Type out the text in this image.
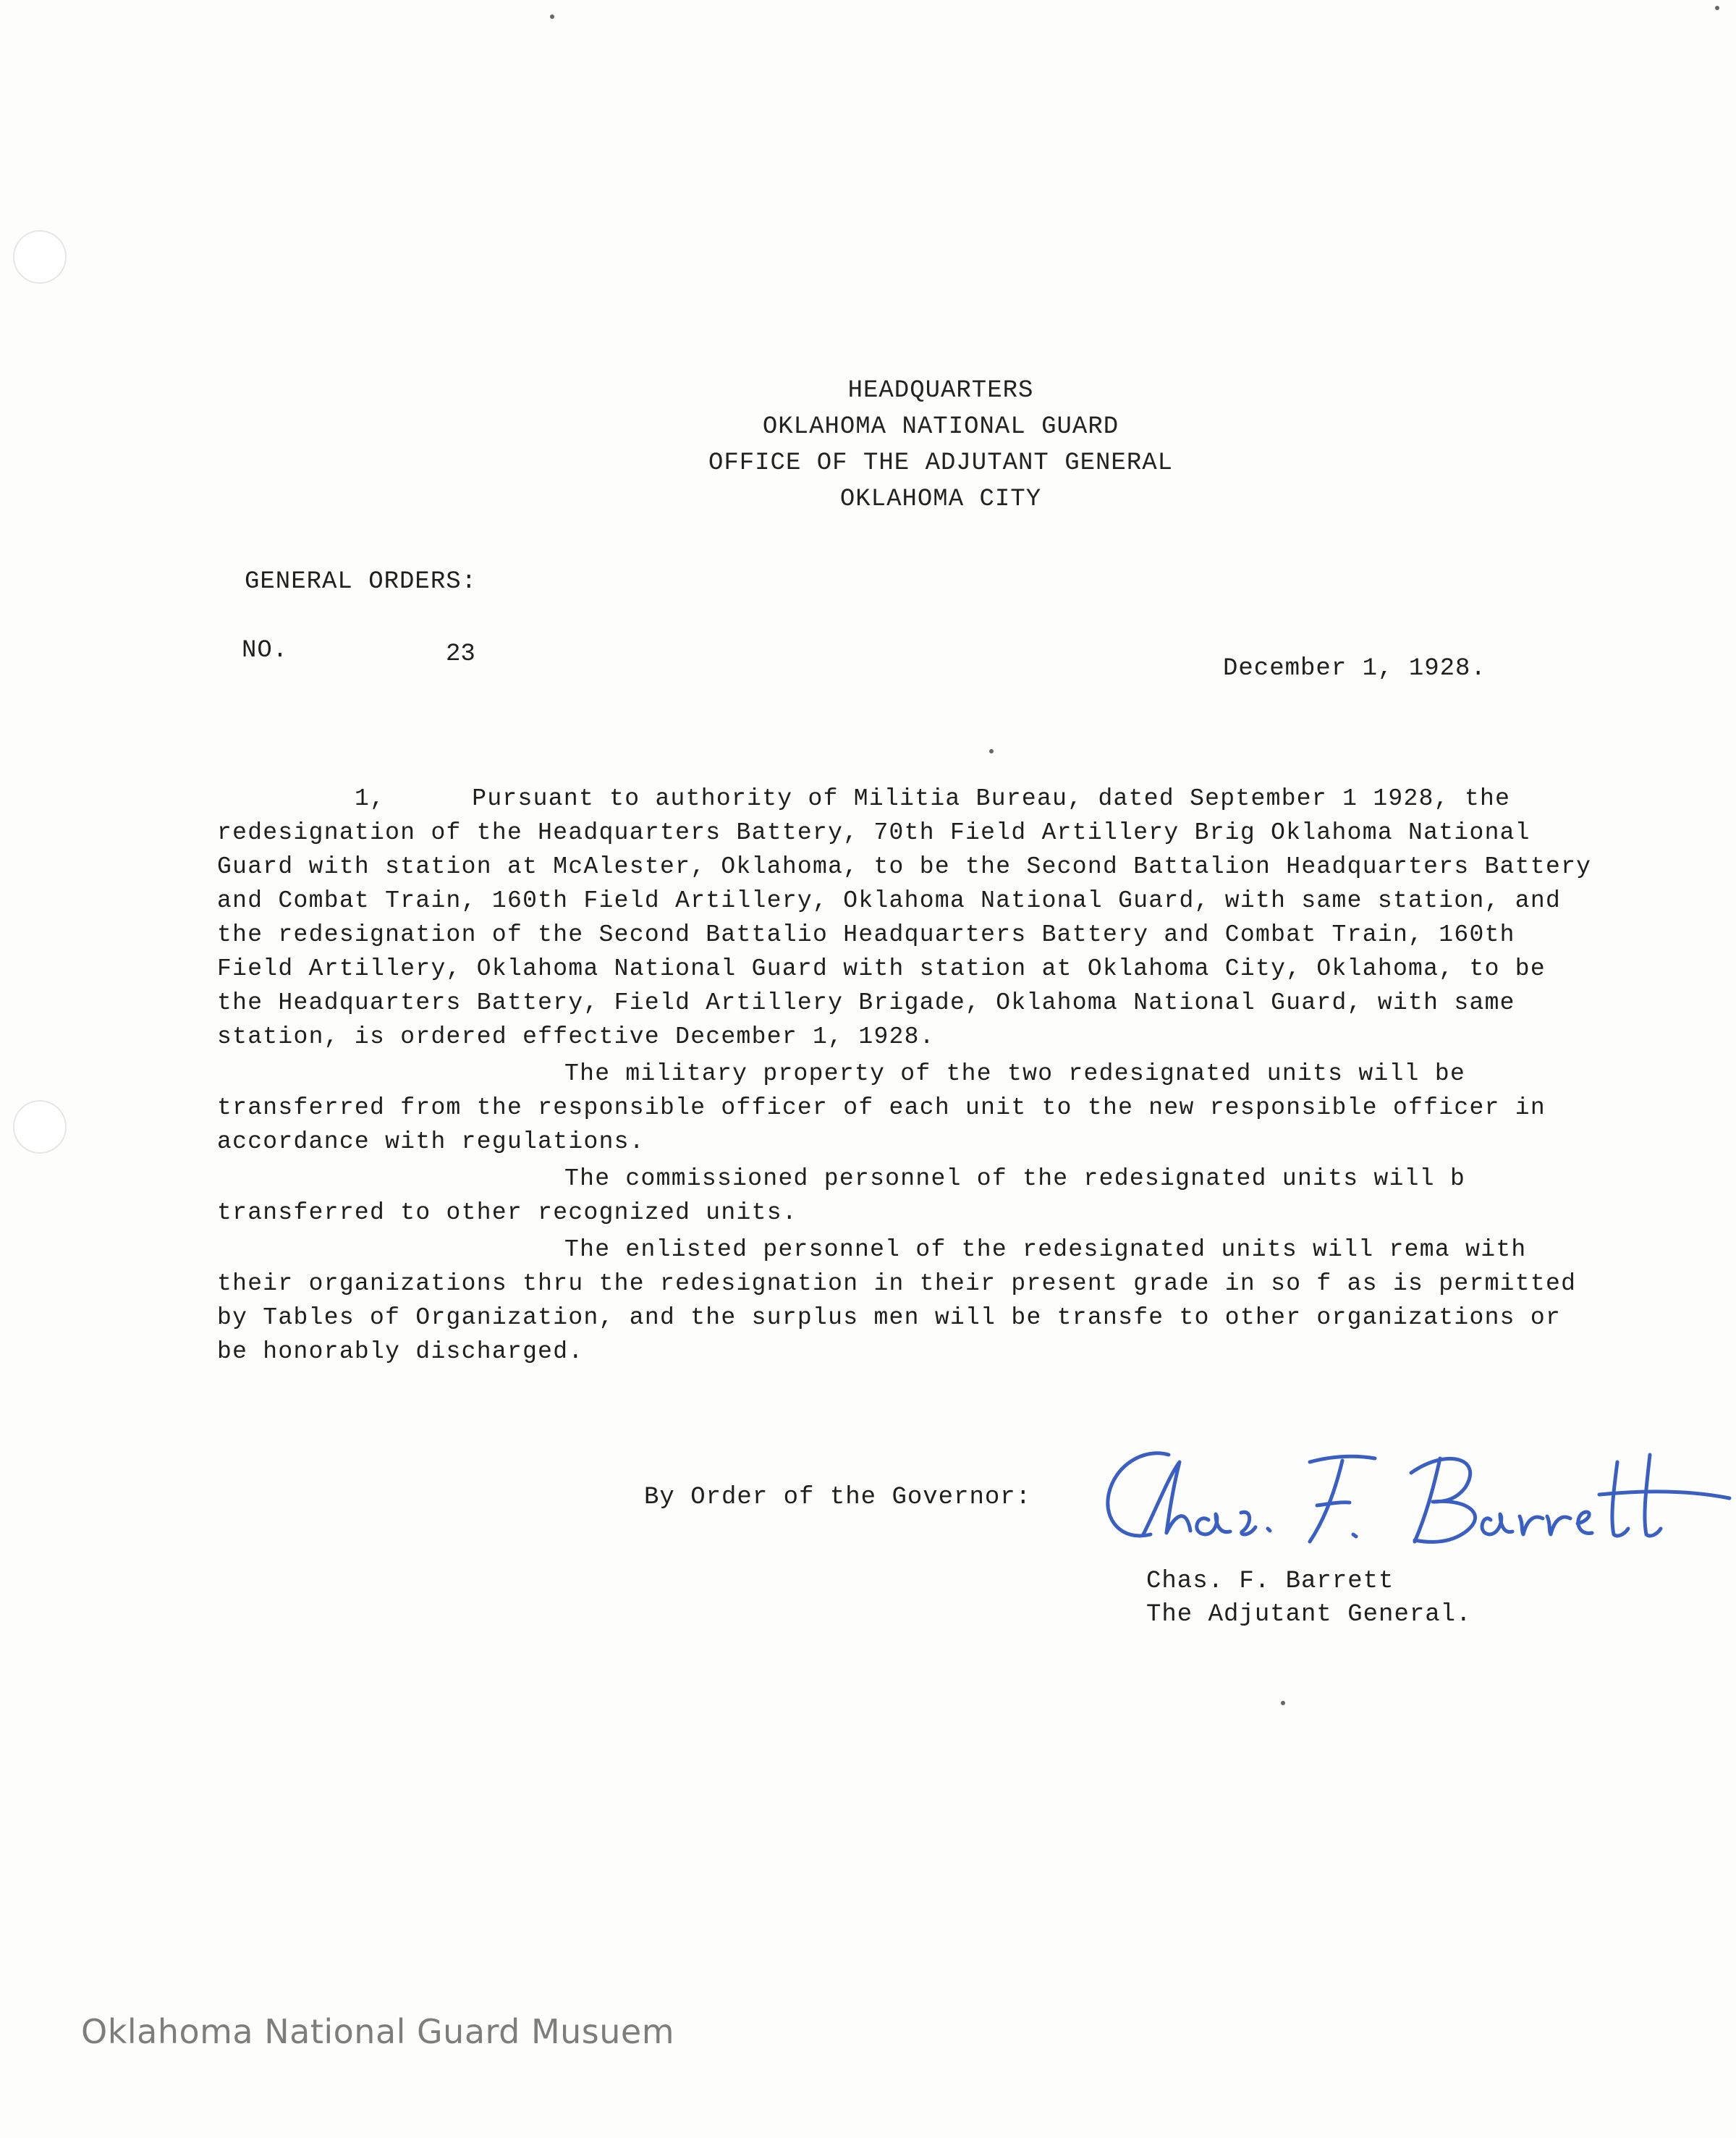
HEADQUARTERS
OKLAHOMA NATIONAL GUARD
OFFICE OF THE ADJUTANT GENERAL
OKLAHOMA CITY
GENERAL ORDERS:
NO.	23
December 1, 1928.

1,	Pursuant to authority of Militia Bureau, dated September 1 1928, the redesignation of the Headquarters Battery, 70th Field Artillery Brig Oklahoma National Guard with station at McAlester, Oklahoma, to be the Second Battalion Headquarters Battery and Combat Train, 160th Field Artillery, Oklahoma National Guard, with same station, and the redesignation of the Second Battalio Headquarters Battery and Combat Train, 160th Field Artillery, Oklahoma National Guard with station at Oklahoma City, Oklahoma, to be the Headquarters Battery, Field Artillery Brigade, Oklahoma National Guard, with same station, is ordered effective December 1, 1928.

The military property of the two redesignated units will be transferred from the responsible officer of each unit to the new responsible officer in accordance with regulations.

The commissioned personnel of the redesignated units will b transferred to other recognized units.

The enlisted personnel of the redesignated units will rema with their organizations thru the redesignation in their present grade in so f as is permitted by Tables of Organization, and the surplus men will be transfe to other organizations or be honorably discharged.

By Order of the Governor:
Chas. F. Barrett
The Adjutant General.
Oklahoma National Guard Musuem
